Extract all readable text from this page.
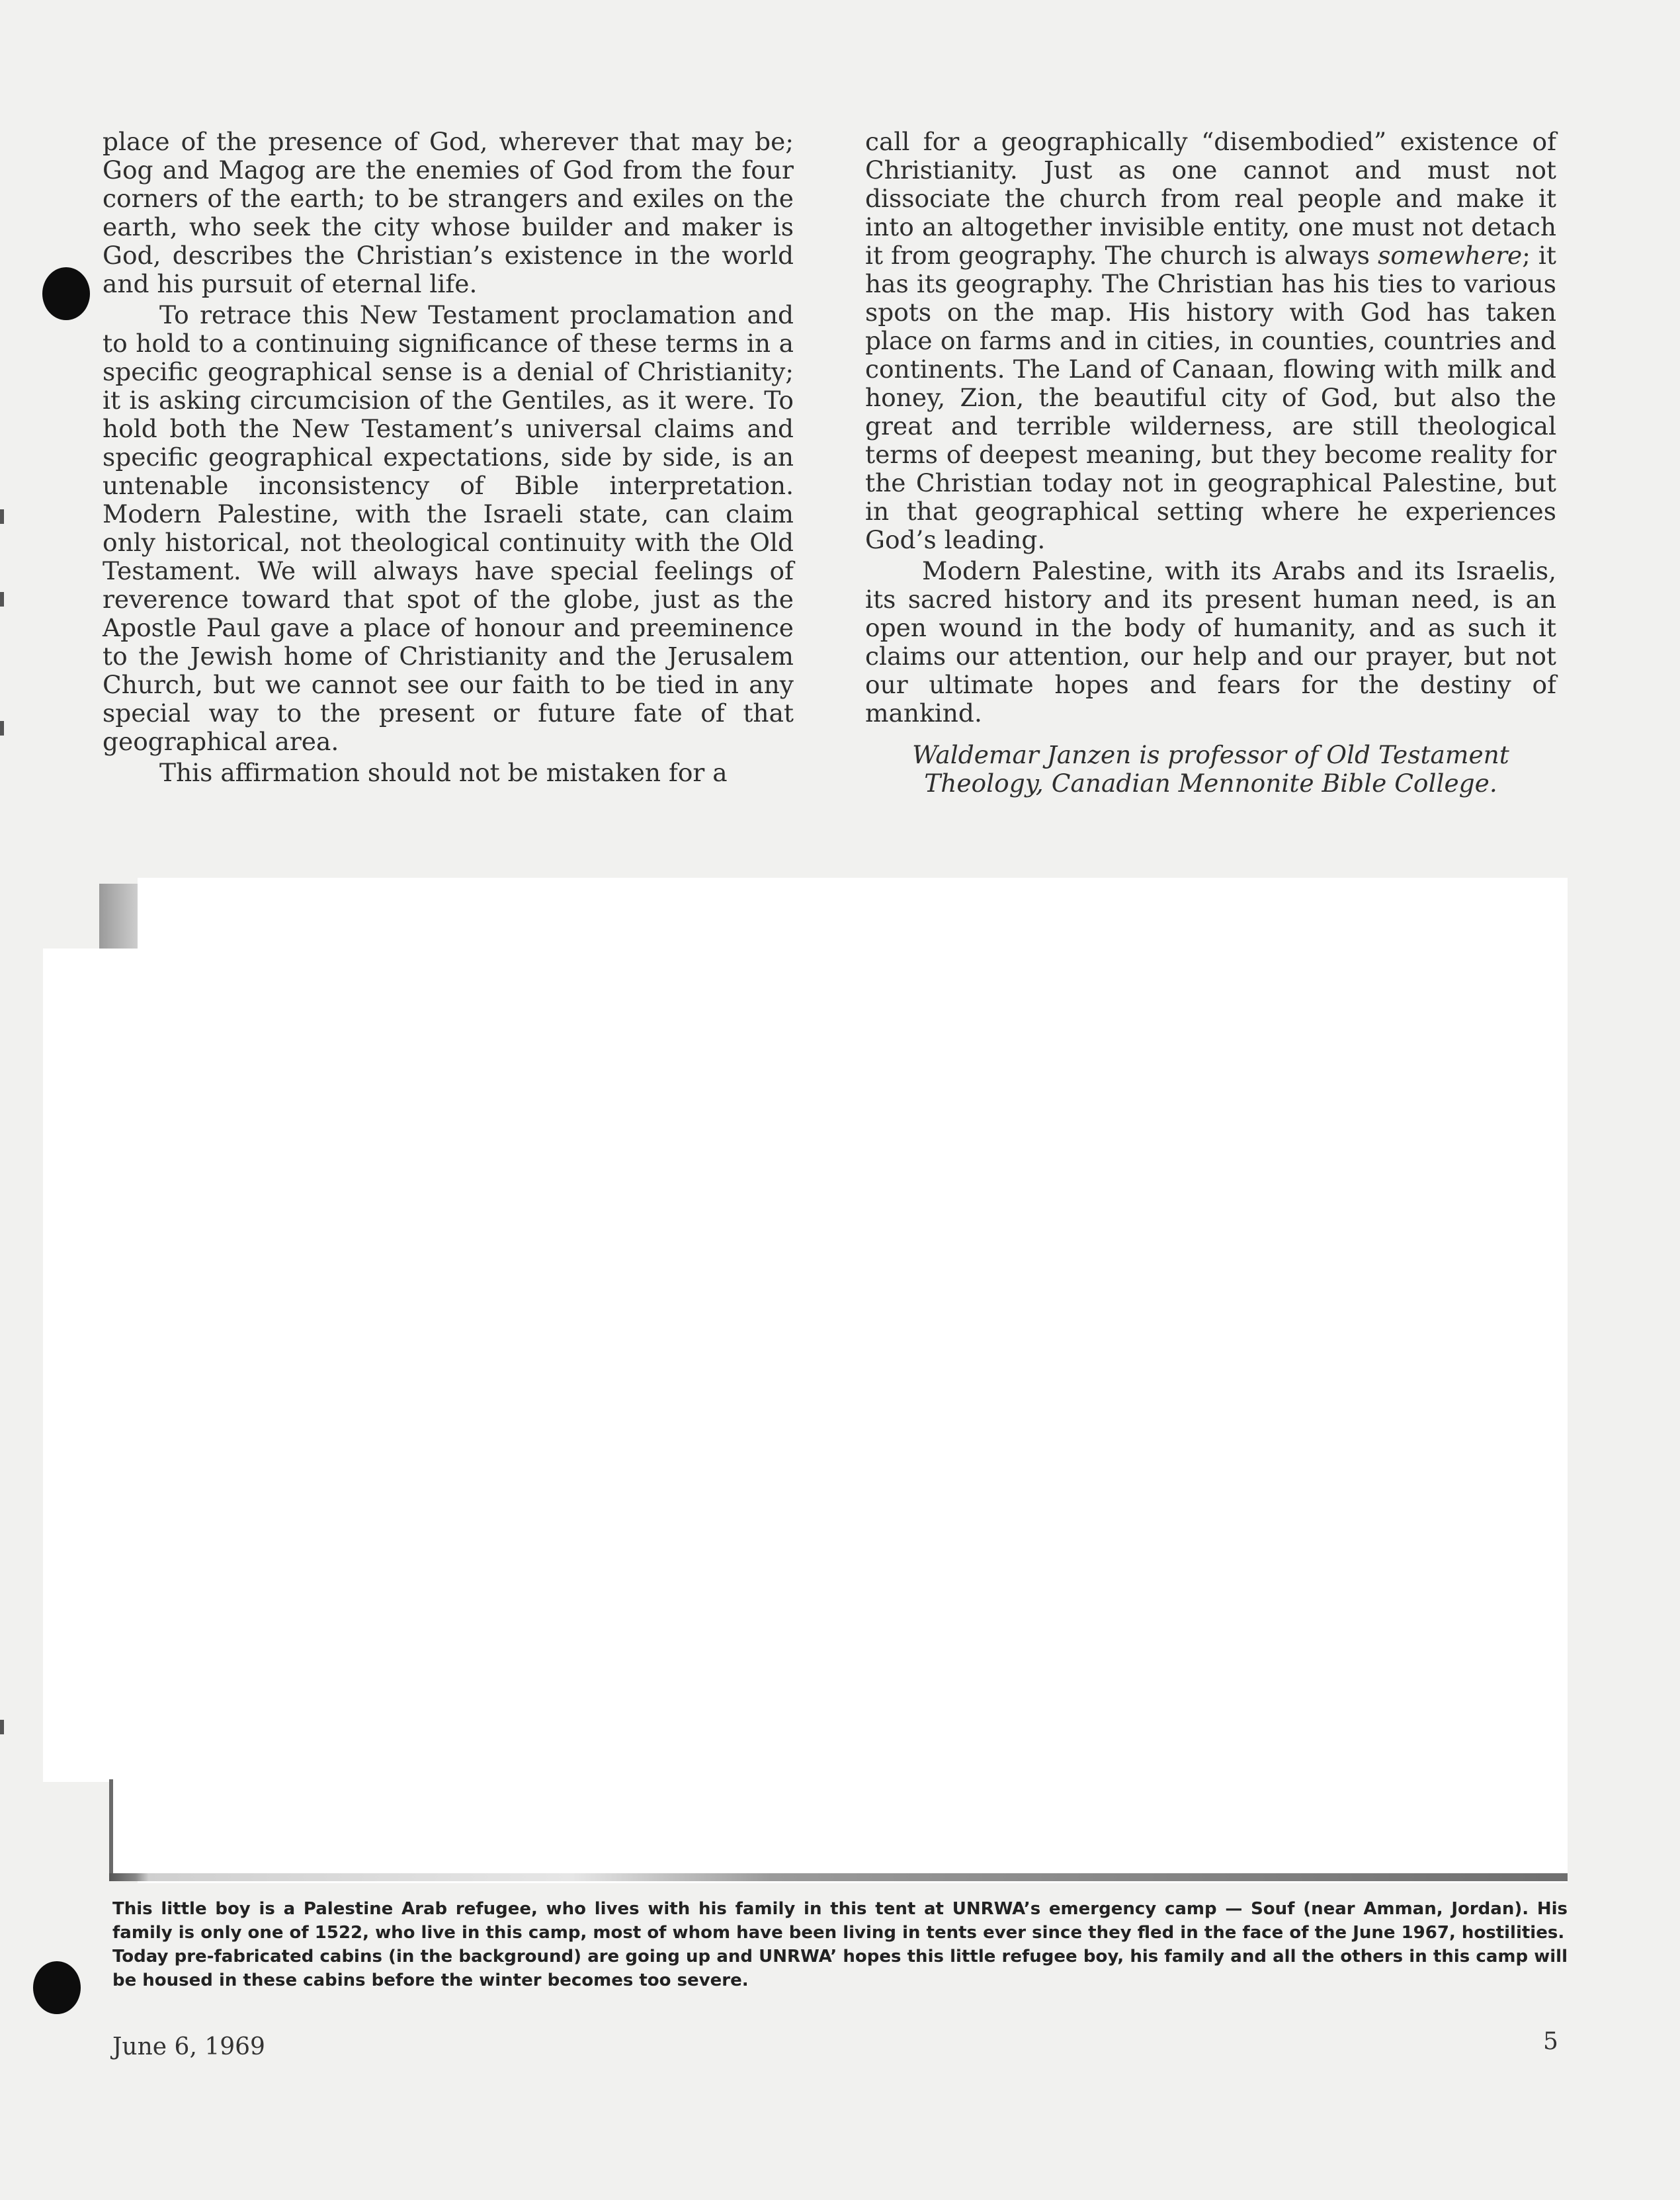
place of the presence of God, wherever that may be; Gog and Magog are the enemies of God from the four corners of the earth; to be strangers and exiles on the earth, who seek the city whose builder and maker is God, describes the Christian’s existence in the world and his pursuit of eternal life.

To retrace this New Testament proclamation and to hold to a continuing significance of these terms in a specific geographical sense is a denial of Christianity; it is asking circumcision of the Gentiles, as it were. To hold both the New Testament’s universal claims and specific geographical expectations, side by side, is an untenable inconsistency of Bible interpretation. Modern Palestine, with the Israeli state, can claim only historical, not theological continuity with the Old Testament. We will always have special feelings of reverence toward that spot of the globe, just as the Apostle Paul gave a place of honour and preeminence to the Jewish home of Christianity and the Jerusalem Church, but we cannot see our faith to be tied in any special way to the present or future fate of that geographical area.

This affirmation should not be mistaken for a

call for a geographically “disembodied” existence of Christianity. Just as one cannot and must not dissociate the church from real people and make it into an altogether invisible entity, one must not detach it from geography. The church is always somewhere; it has its geography. The Christian has his ties to various spots on the map. His history with God has taken place on farms and in cities, in counties, countries and continents. The Land of Canaan, flowing with milk and honey, Zion, the beautiful city of God, but also the great and terrible wilderness, are still theological terms of deepest meaning, but they become reality for the Christian today not in geographical Palestine, but in that geographical setting where he experiences God’s leading.

Modern Palestine, with its Arabs and its Israelis, its sacred history and its present human need, is an open wound in the body of humanity, and as such it claims our attention, our help and our prayer, but not our ultimate hopes and fears for the destiny of mankind.

Waldemar Janzen is professor of Old Testament Theology, Canadian Mennonite Bible College.

This little boy is a Palestine Arab refugee, who lives with his family in this tent at UNRWA’s emergency camp — Souf (near Amman, Jordan). His family is only one of 1522, who live in this camp, most of whom have been living in tents ever since they fled in the face of the June 1967, hostilities.

Today pre-fabricated cabins (in the background) are going up and UNRWA’ hopes this little refugee boy, his family and all the others in this camp will be housed in these cabins before the winter becomes too severe.

June 6, 1969	5
